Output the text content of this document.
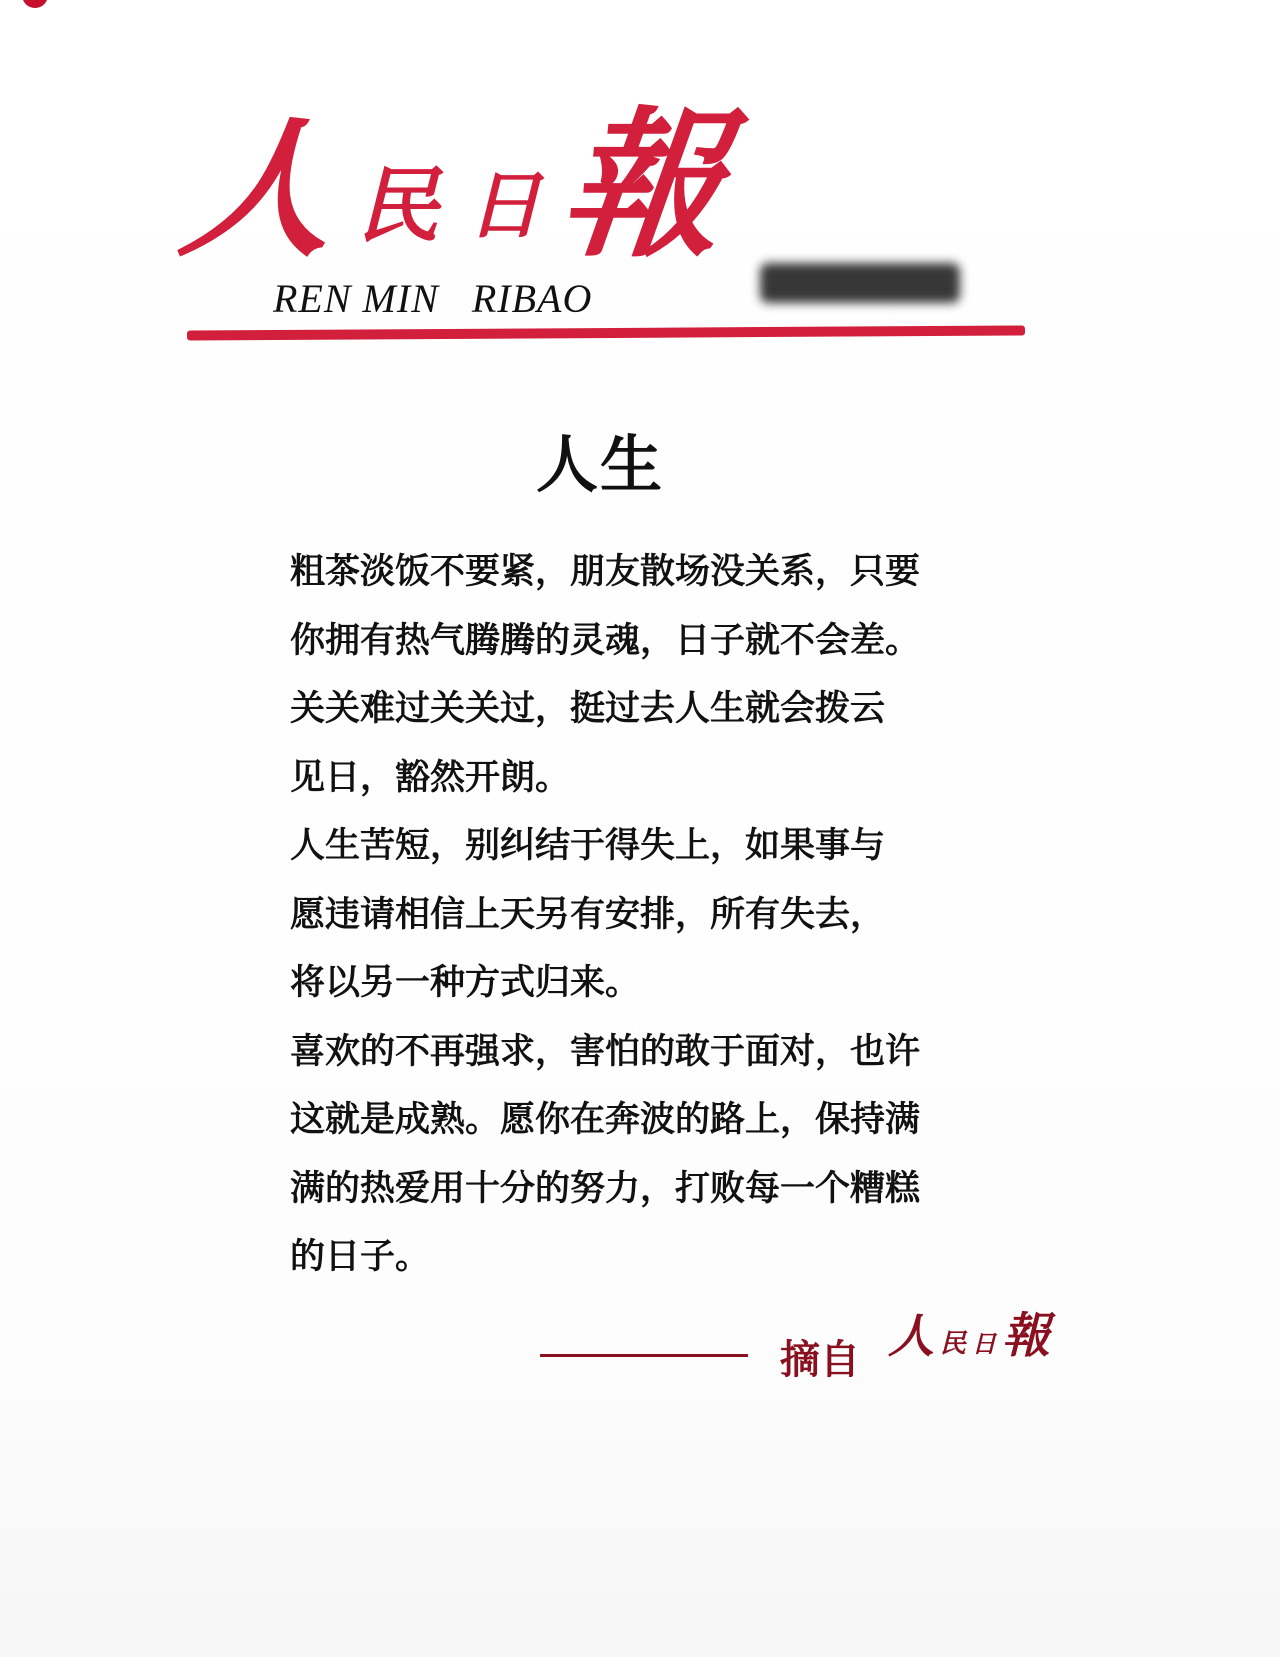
人 民 日 報
REN MIN   RIBAO
人生
粗茶淡饭不要紧，朋友散场没关系，只要
你拥有热气腾腾的灵魂，日子就不会差。
关关难过关关过，挺过去人生就会拨云
见日，豁然开朗。
人生苦短，别纠结于得失上，如果事与
愿违请相信上天另有安排，所有失去，
将以另一种方式归来。
喜欢的不再强求，害怕的敢于面对，也许
这就是成熟。愿你在奔波的路上，保持满
满的热爱用十分的努力，打败每一个糟糕
的日子。
摘自 人 民 日 報
